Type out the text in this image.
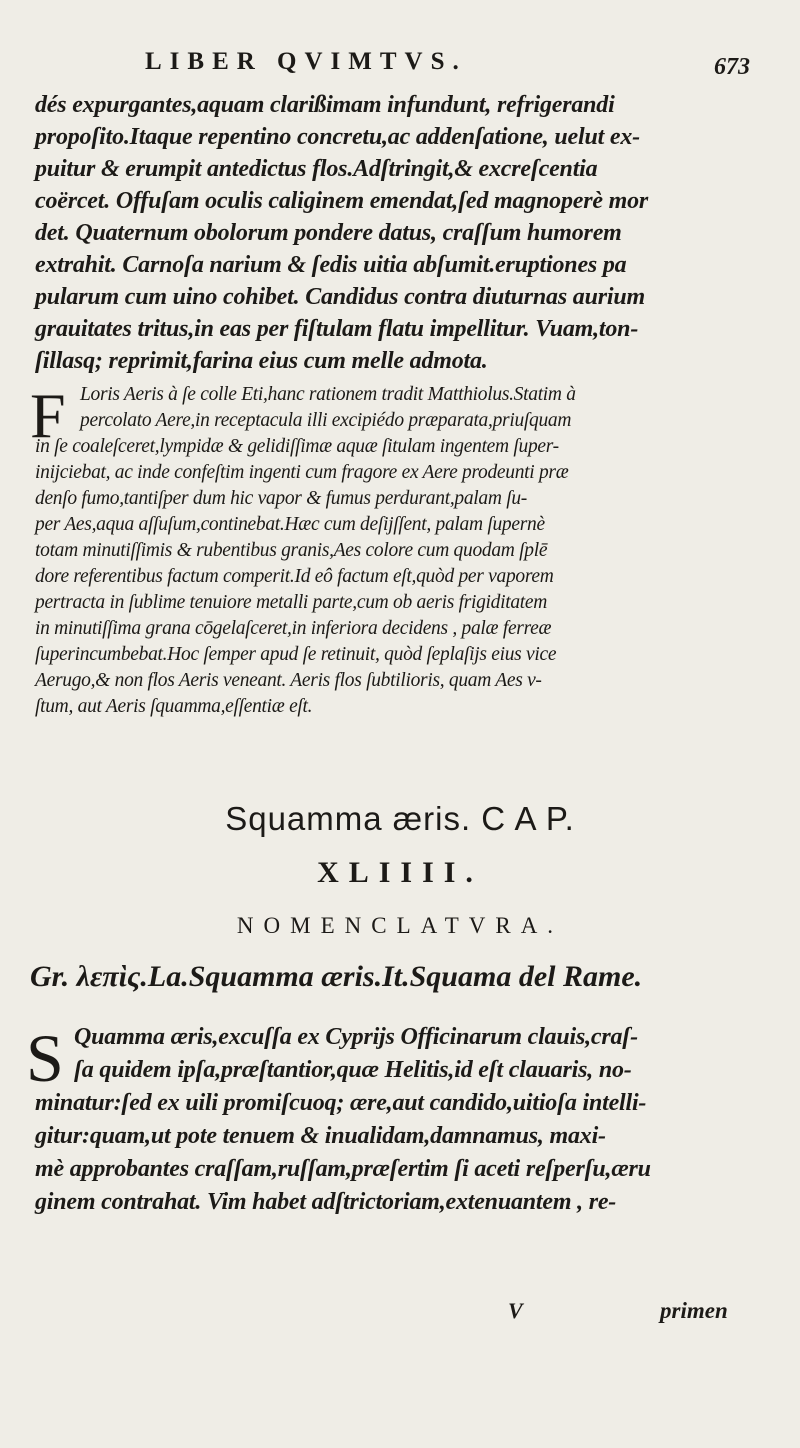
LIBER QVIMTVS.	673
dés expurgantes,aquam clarißimam infundunt, refrigerandi
propoſito.Itaque repentino concretu,ac addenſatione, uelut ex-
puitur & erumpit antedictus flos.Adſtringit,& excreſcentia
coërcet. Offuſam oculis caliginem emendat,ſed magnoperè mor
det. Quaternum obolorum pondere datus, craſſum humorem
extrahit. Carnoſa narium & ſedis uitia abſumit.eruptiones pa
pularum cum uino cohibet. Candidus contra diuturnas aurium
grauitates tritus,in eas per fiſtulam flatu impellitur. Vuam,ton-
ſillasq; reprimit,farina eius cum melle admota.
F Loris Aeris à ſe colle Eti,hanc rationem tradit Matthiolus.Statim à
percolato Aere,in receptacula illi excipiédo præparata,priuſquam
in ſe coaleſceret,lympidæ & gelidiſſimæ aquæ ſitulam ingentem ſuper-
inijciebat, ac inde confeſtim ingenti cum fragore ex Aere prodeunti præ
denſo fumo,tantiſper dum hic vapor & fumus perdurant,palam ſu-
per Aes,aqua aſſuſum,continebat.Hæc cum deſijſſent, palam ſupernè
totam minutiſſimis & rubentibus granis,Aes colore cum quodam ſplē
dore referentibus factum comperit.Id eô factum eſt,quòd per vaporem
pertracta in ſublime tenuiore metalli parte,cum ob aeris frigiditatem
in minutiſſima grana cōgelaſceret,in inferiora decidens , palæ ferreæ
ſuperincumbebat.Hoc ſemper apud ſe retinuit, quòd ſeplaſijs eius vice
Aerugo,& non flos Aeris veneant. Aeris flos ſubtilioris, quam Aes v-
ſtum, aut Aeris ſquamma,eſſentiæ eſt.
Squamma æris. C A P.
XLIIII.
NOMENCLATVRA.
Gr. λεπὶς.La.Squamma æris.It.Squama del Rame.
S Quamma æris,excuſſa ex Cyprijs Officinarum clauis,craſ-
ſa quidem ipſa,præſtantior,quæ Helitis,id eſt clauaris, no-
minatur:ſed ex uili promiſcuoq; ære,aut candido,uitioſa intelli-
gitur:quam,ut pote tenuem & inualidam,damnamus, maxi-
mè approbantes craſſam,ruſſam,præſertim ſi aceti reſperſu,æru
ginem contrahat. Vim habet adſtrictoriam,extenuantem , re-
V	primen
